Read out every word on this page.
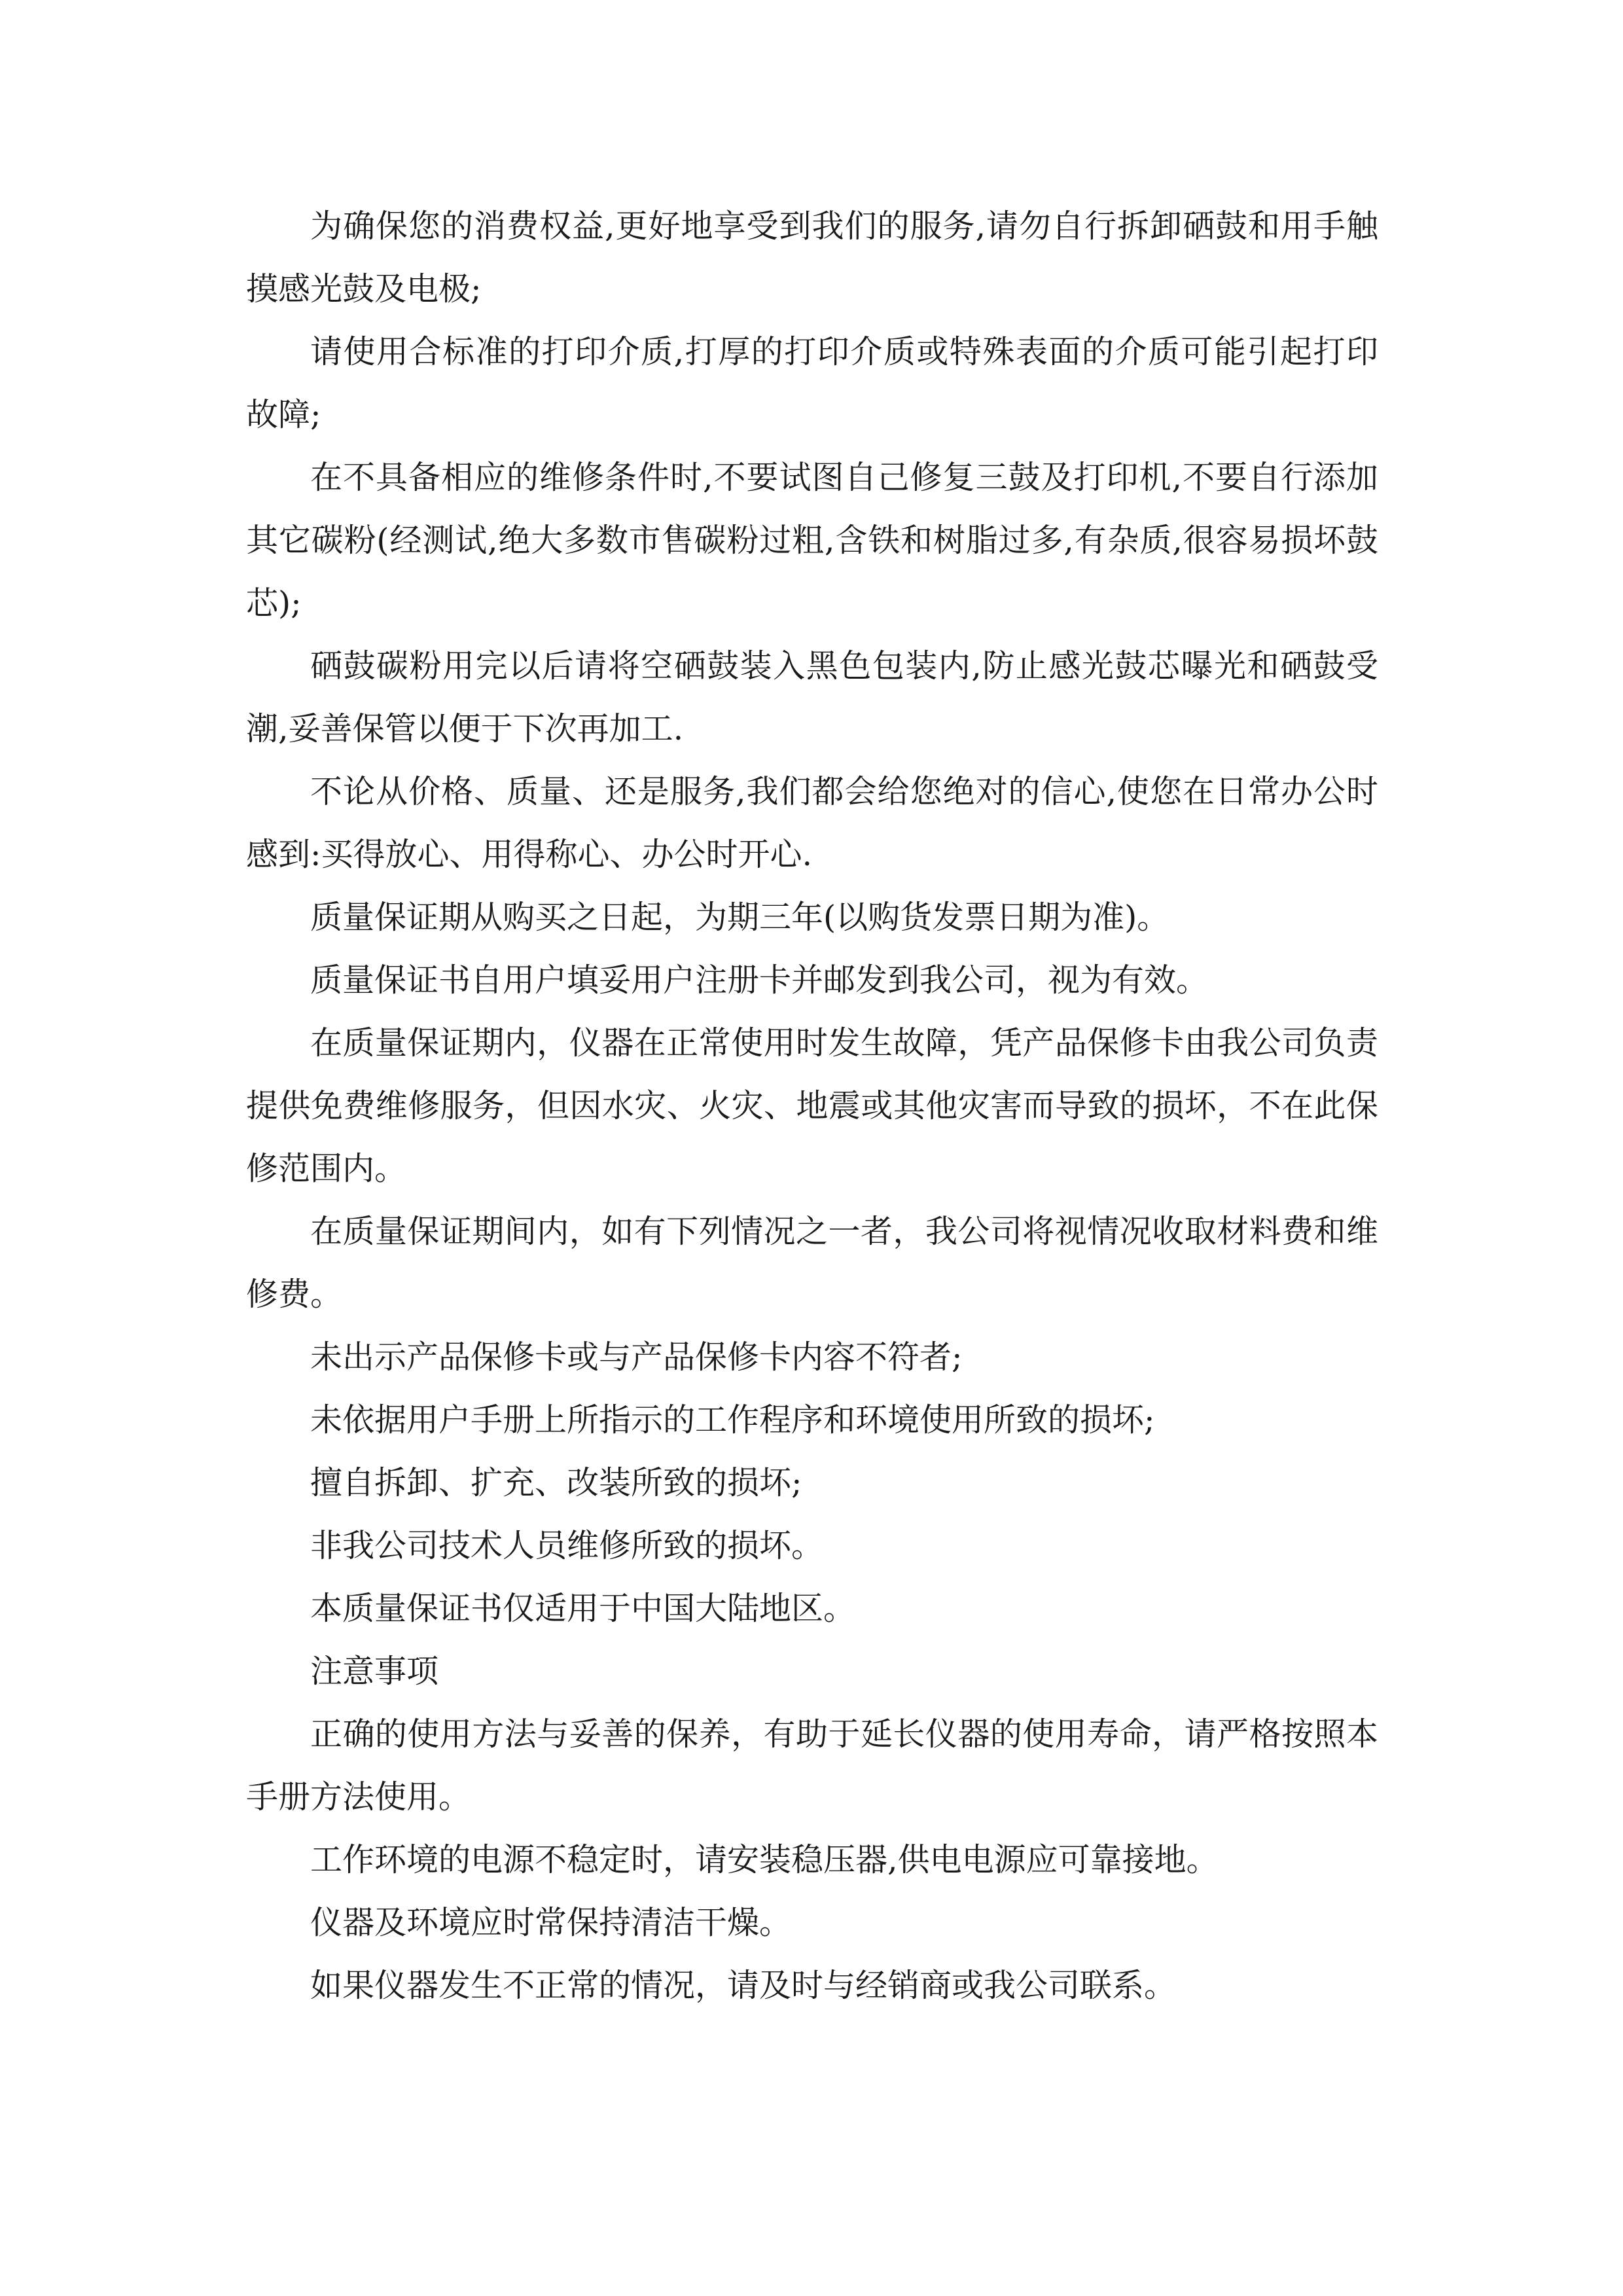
为确保您的消费权益,更好地享受到我们的服务,请勿自行拆卸硒鼓和用手触摸感光鼓及电极;

请使用合标准的打印介质,打厚的打印介质或特殊表面的介质可能引起打印故障;

在不具备相应的维修条件时,不要试图自己修复三鼓及打印机,不要自行添加其它碳粉(经测试,绝大多数市售碳粉过粗,含铁和树脂过多,有杂质,很容易损坏鼓芯);

硒鼓碳粉用完以后请将空硒鼓装入黑色包装内,防止感光鼓芯曝光和硒鼓受潮,妥善保管以便于下次再加工.

不论从价格、质量、还是服务,我们都会给您绝对的信心,使您在日常办公时感到:买得放心、用得称心、办公时开心.

质量保证期从购买之日起，为期三年(以购货发票日期为准)。

质量保证书自用户填妥用户注册卡并邮发到我公司，视为有效。

在质量保证期内，仪器在正常使用时发生故障，凭产品保修卡由我公司负责提供免费维修服务，但因水灾、火灾、地震或其他灾害而导致的损坏，不在此保修范围内。

在质量保证期间内，如有下列情况之一者，我公司将视情况收取材料费和维修费。

未出示产品保修卡或与产品保修卡内容不符者;

未依据用户手册上所指示的工作程序和环境使用所致的损坏;

擅自拆卸、扩充、改装所致的损坏;

非我公司技术人员维修所致的损坏。

本质量保证书仅适用于中国大陆地区。

注意事项

正确的使用方法与妥善的保养，有助于延长仪器的使用寿命，请严格按照本手册方法使用。

工作环境的电源不稳定时，请安装稳压器,供电电源应可靠接地。

仪器及环境应时常保持清洁干燥。

如果仪器发生不正常的情况，请及时与经销商或我公司联系。
